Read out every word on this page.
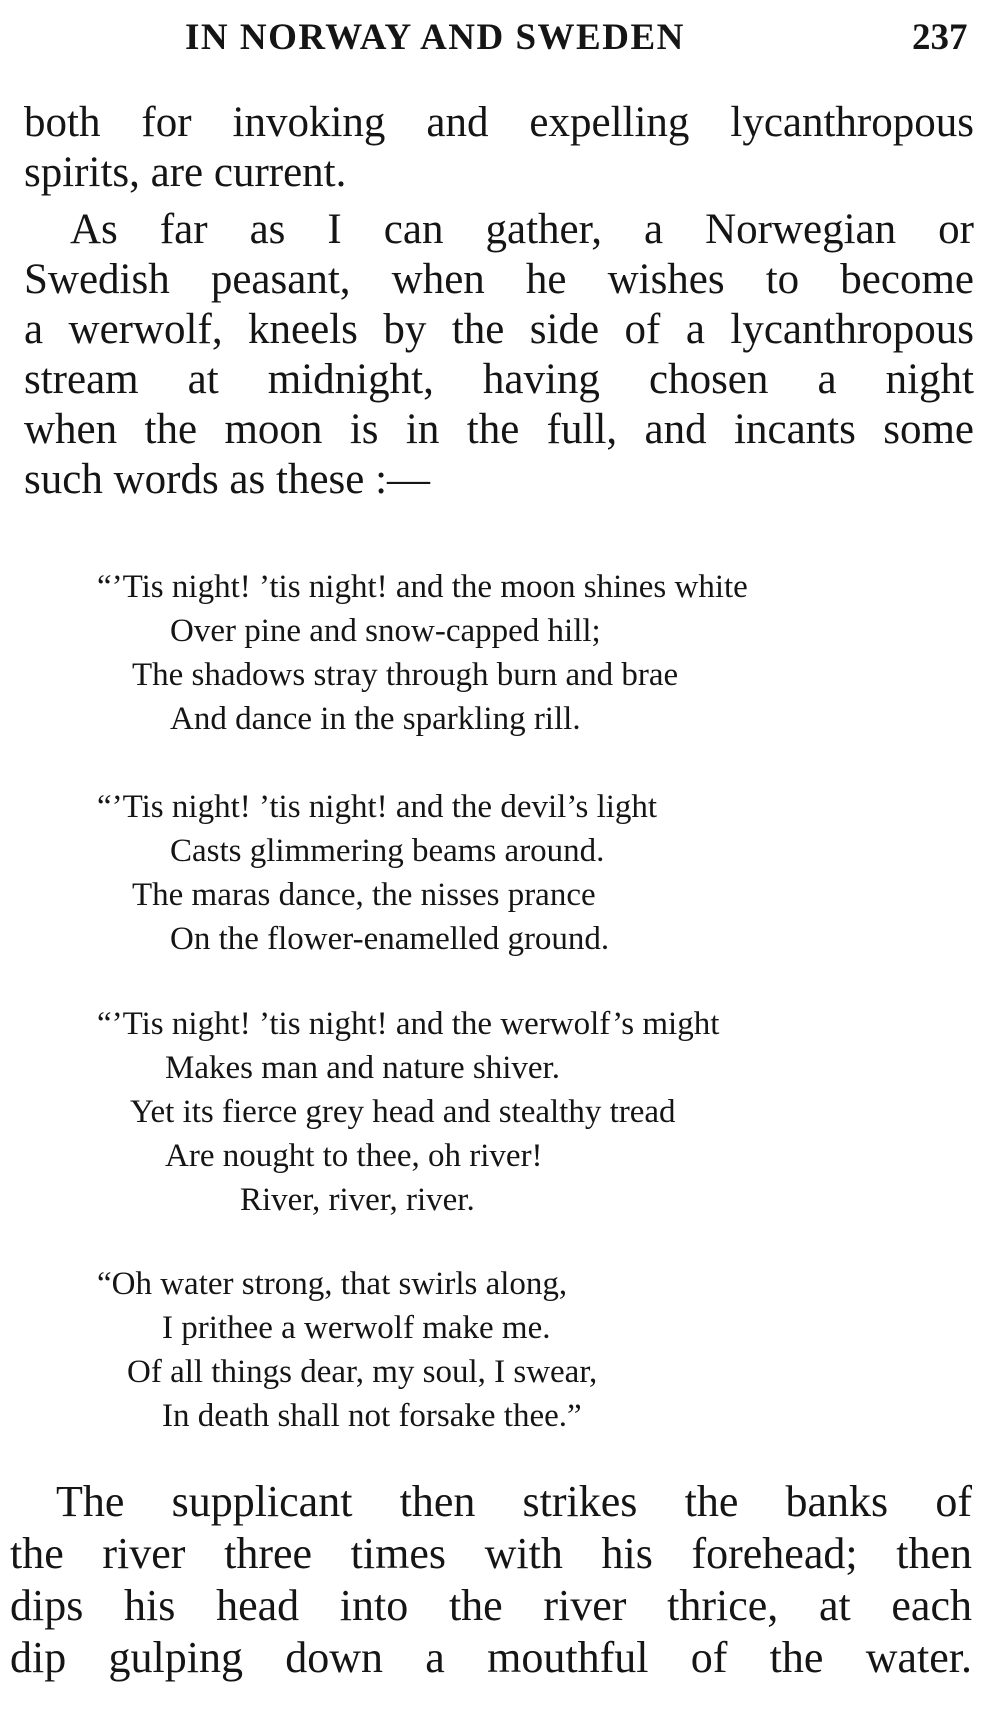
IN NORWAY AND SWEDEN	237
both for invoking and expelling lycanthropous
spirits, are current.
As far as I can gather, a Norwegian or
Swedish peasant, when he wishes to become
a werwolf, kneels by the side of a lycanthropous
stream at midnight, having chosen a night
when the moon is in the full, and incants some
such words as these :—
“’Tis night! ’tis night! and the moon shines white
Over pine and snow-capped hill;
The shadows stray through burn and brae
And dance in the sparkling rill.
“’Tis night! ’tis night! and the devil’s light
Casts glimmering beams around.
The maras dance, the nisses prance
On the flower-enamelled ground.
“’Tis night! ’tis night! and the werwolf’s might
Makes man and nature shiver.
Yet its fierce grey head and stealthy tread
Are nought to thee, oh river!
River, river, river.
“Oh water strong, that swirls along,
I prithee a werwolf make me.
Of all things dear, my soul, I swear,
In death shall not forsake thee.”
The supplicant then strikes the banks of
the river three times with his forehead; then
dips his head into the river thrice, at each
dip gulping down a mouthful of the water.
